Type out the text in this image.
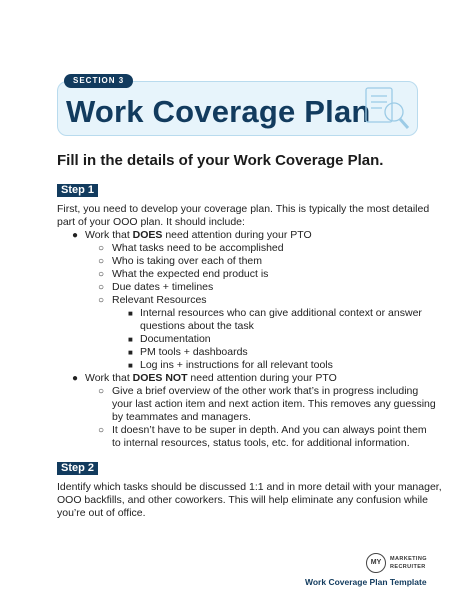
SECTION 3
Work Coverage Plan
Fill in the details of your Work Coverage Plan.
Step 1
First, you need to develop your coverage plan. This is typically the most detailed
part of your OOO plan. It should include:
● Work that DOES need attention during your PTO
○ What tasks need to be accomplished
○ Who is taking over each of them
○ What the expected end product is
○ Due dates + timelines
○ Relevant Resources
■ Internal resources who can give additional context or answer
questions about the task
■ Documentation
■ PM tools + dashboards
■ Log ins + instructions for all relevant tools
● Work that DOES NOT need attention during your PTO
○ Give a brief overview of the other work that’s in progress including
your last action item and next action item. This removes any guessing
by teammates and managers.
○ It doesn’t have to be super in depth. And you can always point them
to internal resources, status tools, etc. for additional information.
Step 2
Identify which tasks should be discussed 1:1 and in more detail with your manager,
OOO backfills, and other coworkers. This will help eliminate any confusion while
you’re out of office.
MY	MARKETING
RECRUITER
Work Coverage Plan Template
